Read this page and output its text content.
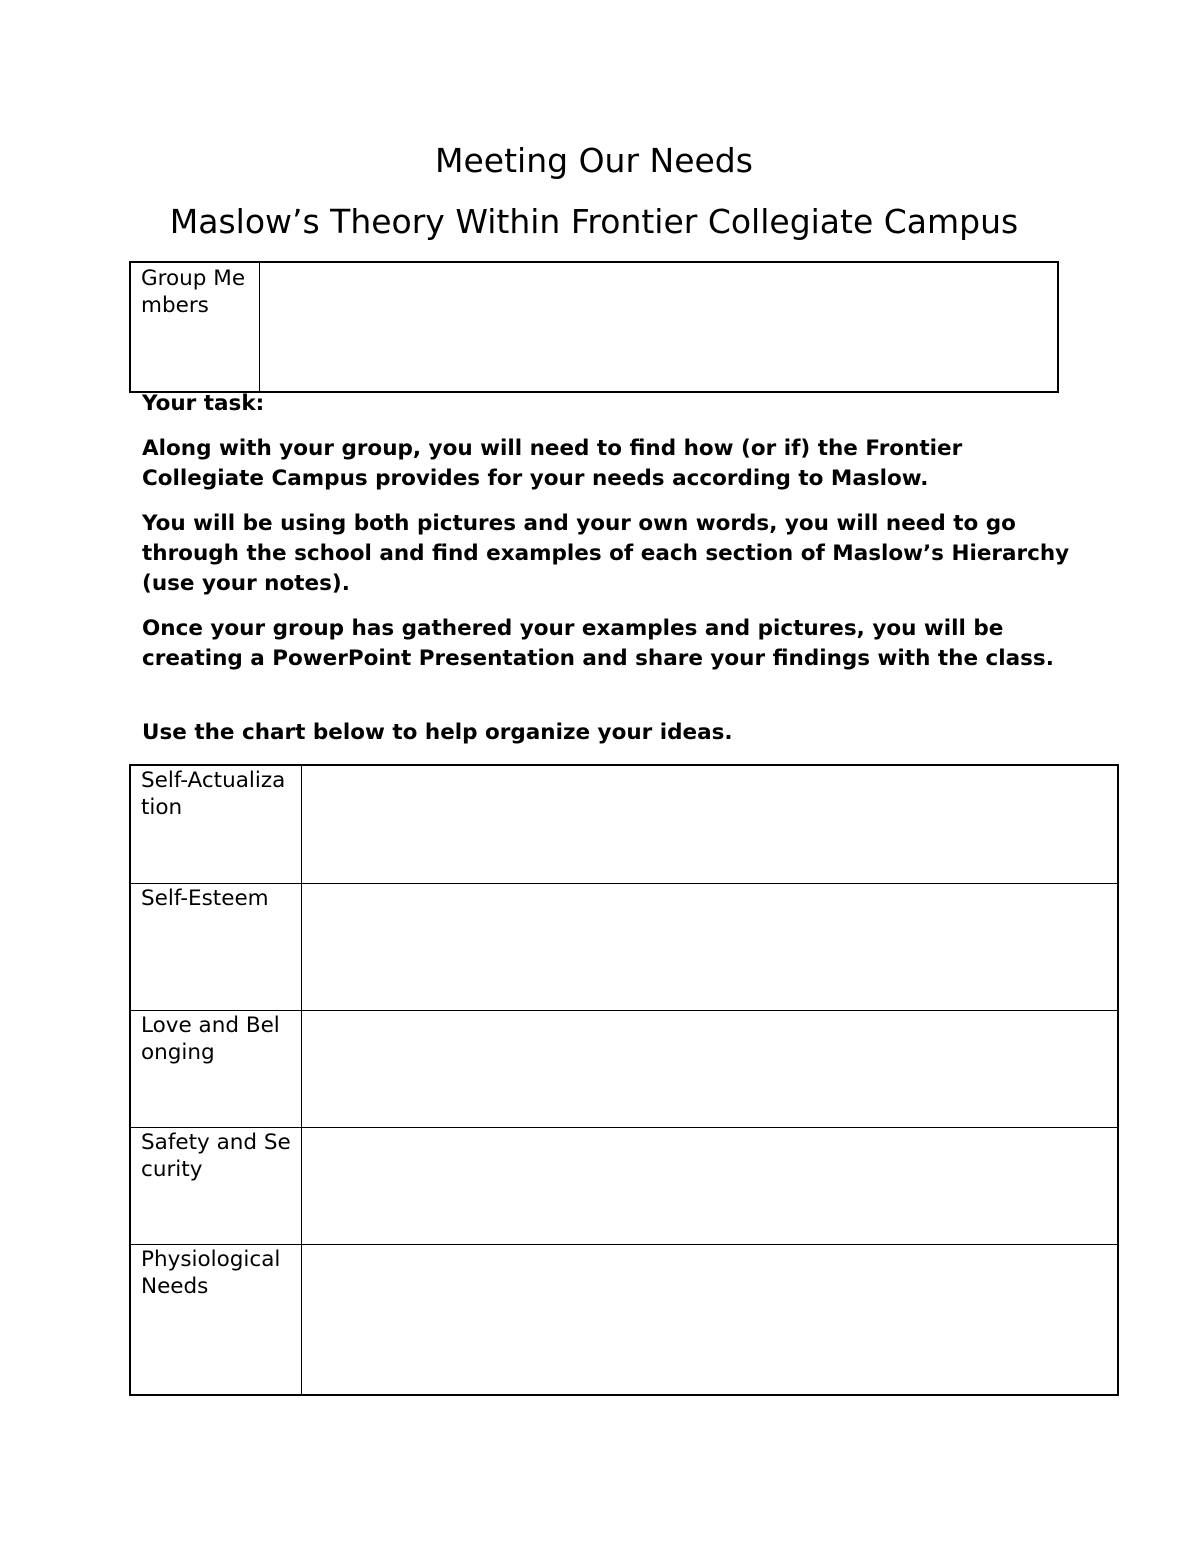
Meeting Our Needs
Maslow’s Theory Within Frontier Collegiate Campus
Group Members	
Your task:
Along with your group, you will need to find how (or if) the Frontier Collegiate Campus provides for your needs according to Maslow.
You will be using both pictures and your own words, you will need to go through the school and find examples of each section of Maslow’s Hierarchy (use your notes).
Once your group has gathered your examples and pictures, you will be creating a PowerPoint Presentation and share your findings with the class.
Use the chart below to help organize your ideas.
Self-Actualization	
Self-Esteem	
Love and Belonging	
Safety and Security	
Physiological Needs	
